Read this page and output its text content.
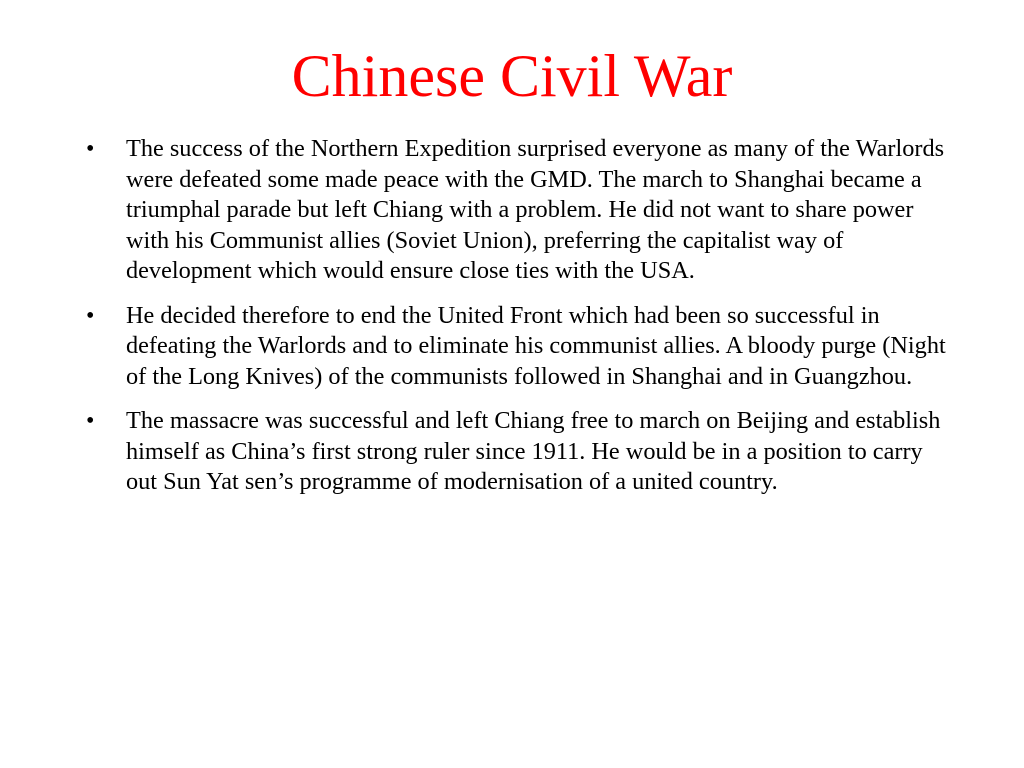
Chinese Civil War
• The success of the Northern Expedition surprised everyone as many of the Warlords were defeated some made peace with the GMD. The march to Shanghai became a triumphal parade but left Chiang with a problem. He did not want to share power with his Communist allies (Soviet Union), preferring the capitalist way of development which would ensure close ties with the USA.
• He decided therefore to end the United Front which had been so successful in defeating the Warlords and to eliminate his communist allies. A bloody purge (Night of the Long Knives) of the communists followed in Shanghai and in Guangzhou.
• The massacre was successful and left Chiang free to march on Beijing and establish himself as China’s first strong ruler since 1911. He would be in a position to carry out Sun Yat sen’s programme of modernisation of a united country.
